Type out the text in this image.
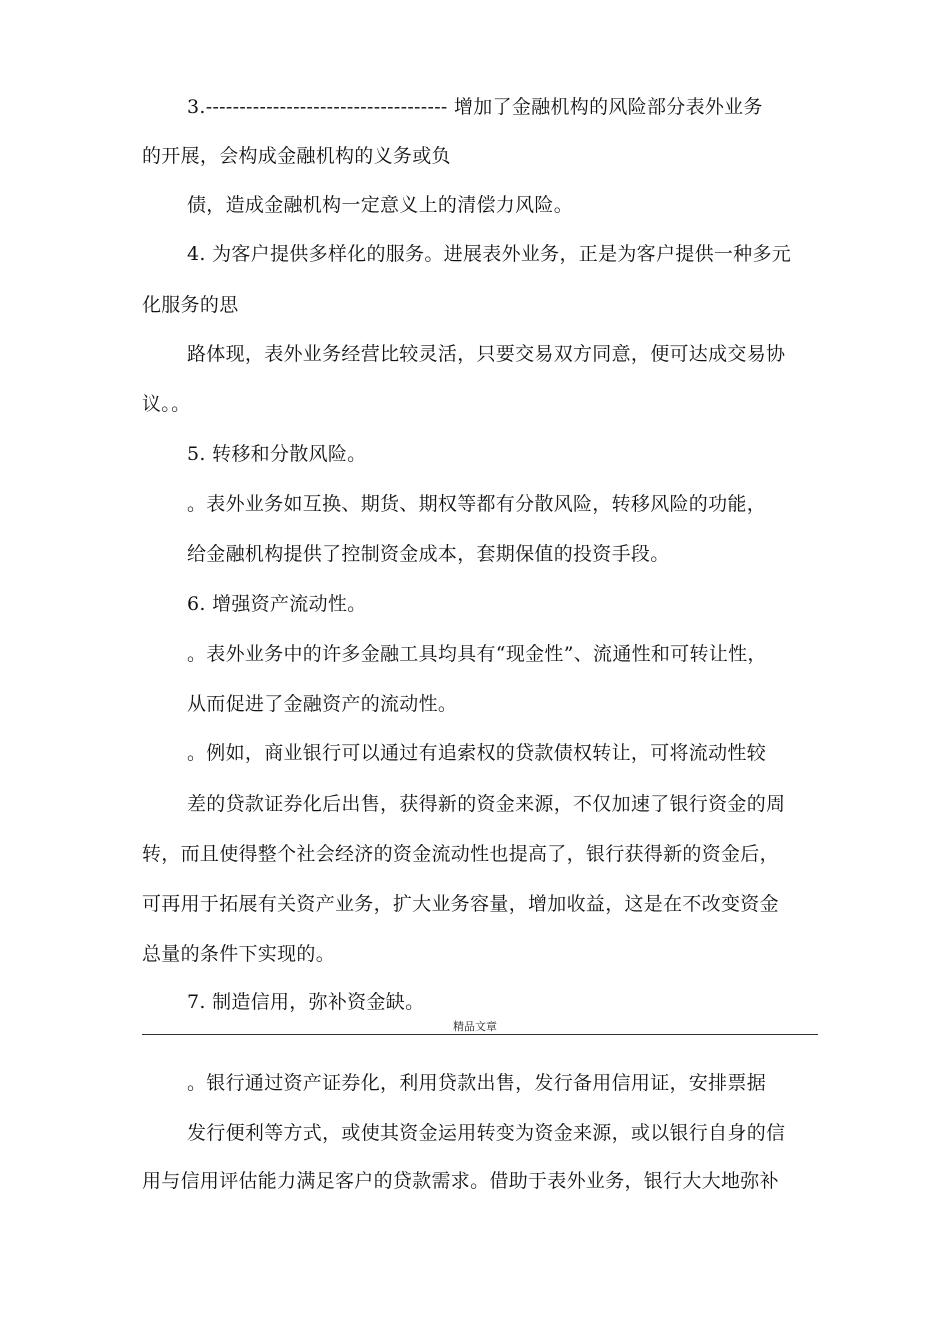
3.------------------------------------ 增加了金融机构的风险部分表外业务
的开展，会构成金融机构的义务或负
债，造成金融机构一定意义上的清偿力风险。
4. 为客户提供多样化的服务。进展表外业务，正是为客户提供一种多元
化服务的思
路体现，表外业务经营比较灵活，只要交易双方同意，便可达成交易协
议。。
5. 转移和分散风险。
。表外业务如互换、期货、期权等都有分散风险，转移风险的功能，
给金融机构提供了控制资金成本，套期保值的投资手段。
6. 增强资产流动性。
。表外业务中的许多金融工具均具有“现金性”、流通性和可转让性，
从而促进了金融资产的流动性。
。例如，商业银行可以通过有追索权的贷款债权转让，可将流动性较
差的贷款证券化后出售，获得新的资金来源，不仅加速了银行资金的周
转，而且使得整个社会经济的资金流动性也提高了，银行获得新的资金后，
可再用于拓展有关资产业务，扩大业务容量，增加收益，这是在不改变资金
总量的条件下实现的。
7. 制造信用，弥补资金缺。
精品文章
。银行通过资产证券化，利用贷款出售，发行备用信用证，安排票据
发行便利等方式，或使其资金运用转变为资金来源，或以银行自身的信
用与信用评估能力满足客户的贷款需求。借助于表外业务，银行大大地弥补
